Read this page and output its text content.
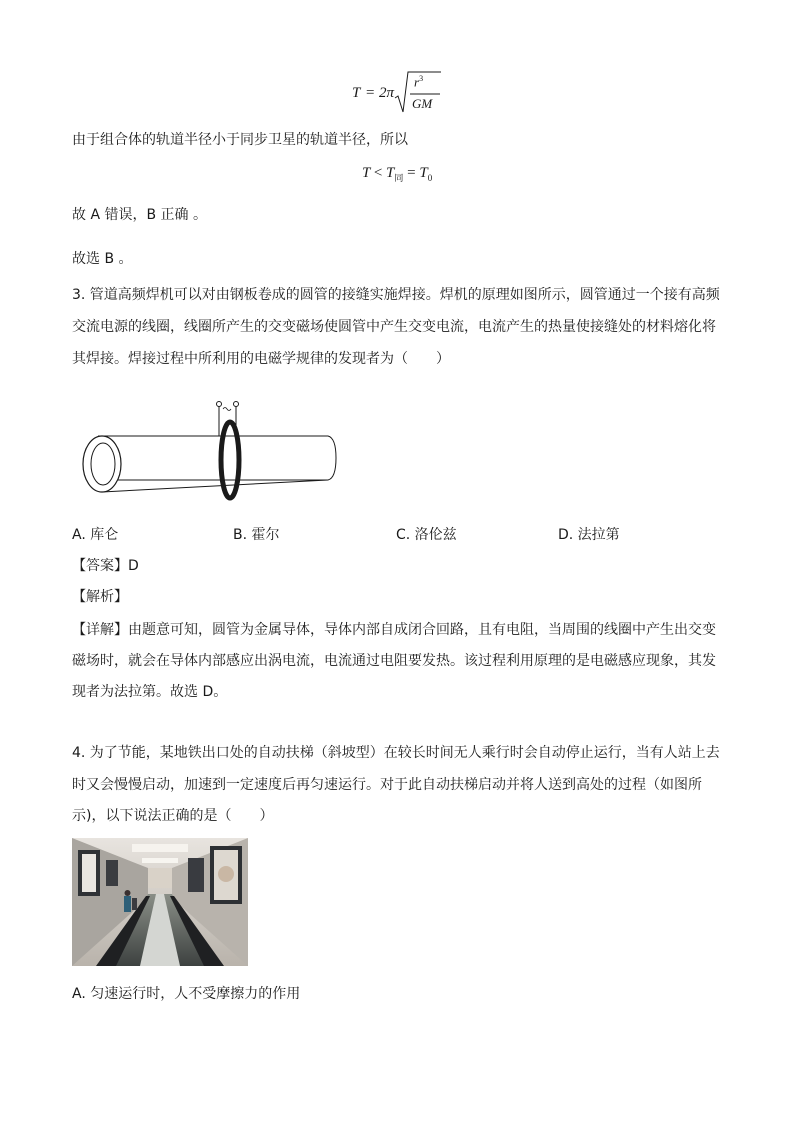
T = 2π
$r^3$
GM
由于组合体的轨道半径小于同步卫星的轨道半径，所以
$T < T_同 = T_0$
故 A 错误，B 正确 。
故选 B 。
3. 管道高频焊机可以对由钢板卷成的圆管的接缝实施焊接。焊机的原理如图所示，圆管通过一个接有高频
交流电源的线圈，线圈所产生的交变磁场使圆管中产生交变电流，电流产生的热量使接缝处的材料熔化将
其焊接。焊接过程中所利用的电磁学规律的发现者为（　　）
A. 库仑	B. 霍尔	C. 洛伦兹	D. 法拉第
【答案】D
【解析】
【详解】由题意可知，圆管为金属导体，导体内部自成闭合回路，且有电阻，当周围的线圈中产生出交变
磁场时，就会在导体内部感应出涡电流，电流通过电阻要发热。该过程利用原理的是电磁感应现象，其发
现者为法拉第。故选 D。
4. 为了节能，某地铁出口处的自动扶梯（斜坡型）在较长时间无人乘行时会自动停止运行，当有人站上去
时又会慢慢启动，加速到一定速度后再匀速运行。对于此自动扶梯启动并将人送到高处的过程（如图所
示)，以下说法正确的是（　　）
A. 匀速运行时，人不受摩擦力的作用
